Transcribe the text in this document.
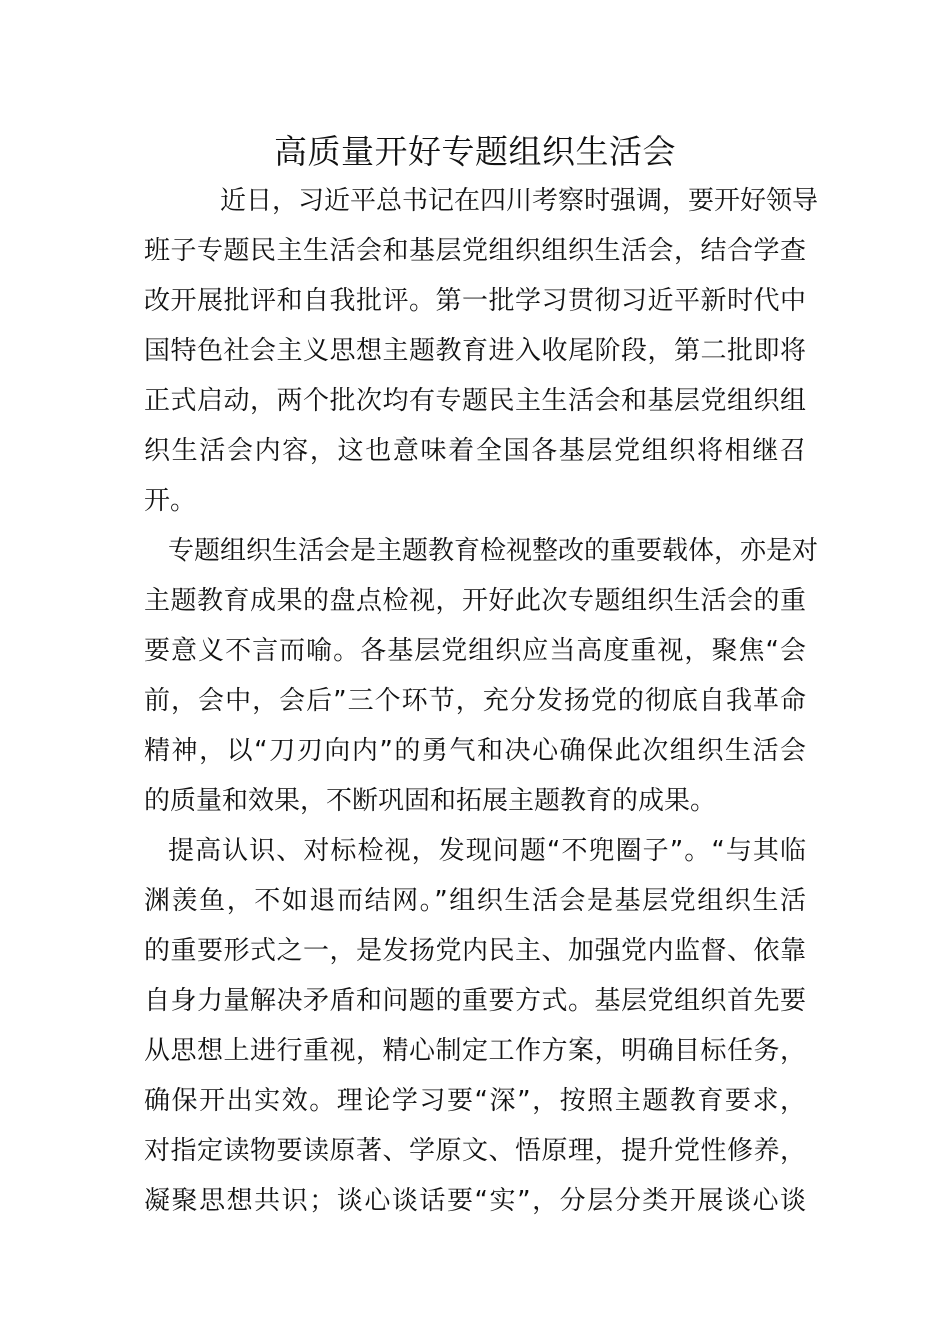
高质量开好专题组织生活会

近日，习近平总书记在四川考察时强调，要开好领导

班子专题民主生活会和基层党组织组织生活会，结合学查

改开展批评和自我批评。第一批学习贯彻习近平新时代中

国特色社会主义思想主题教育进入收尾阶段，第二批即将

正式启动，两个批次均有专题民主生活会和基层党组织组

织生活会内容，这也意味着全国各基层党组织将相继召

开。

专题组织生活会是主题教育检视整改的重要载体，亦是对

主题教育成果的盘点检视，开好此次专题组织生活会的重

要意义不言而喻。各基层党组织应当高度重视，聚焦“会

前，会中，会后”三个环节，充分发扬党的彻底自我革命

精神，以“刀刃向内”的勇气和决心确保此次组织生活会

的质量和效果，不断巩固和拓展主题教育的成果。

提高认识、对标检视，发现问题“不兜圈子”。“与其临

渊羡鱼，不如退而结网。”组织生活会是基层党组织生活

的重要形式之一，是发扬党内民主、加强党内监督、依靠

自身力量解决矛盾和问题的重要方式。基层党组织首先要

从思想上进行重视，精心制定工作方案，明确目标任务，

确保开出实效。理论学习要“深”，按照主题教育要求，

对指定读物要读原著、学原文、悟原理，提升党性修养，

凝聚思想共识；谈心谈话要“实”，分层分类开展谈心谈
